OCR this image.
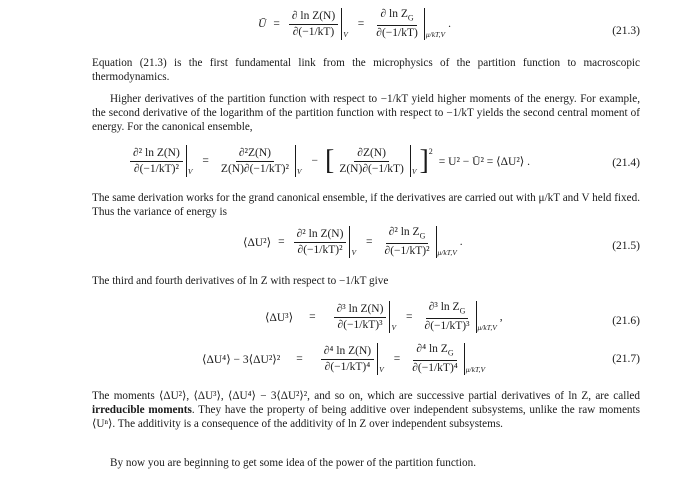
Ū = $\frac{\text{∂ ln Z(N)}}{\partial(-1/kT)}$ V
= $\frac{\partial \ln Z_G}{\partial(-1/kT)} \mu/kT,V$
.
(21.3)

Equation (21.3) is the first fundamental link from the microphysics of the partition function to macroscopic thermodynamics.

Higher derivatives of the partition function with respect to −1/kT yield higher moments of the energy. For example, the second derivative of the logarithm of the partition function with respect to −1/kT yields the second central moment of energy. For the canonical ensemble,

$\frac{\text{∂² ln Z(N)}}{\text{∂(−1/kT)²}}$ V
= $\frac{\text{∂²Z(N)}}{\text{Z(N)∂(−1/kT)²}}$ V
− [ $\frac{\partial Z(N)}{Z(N)\partial(-1/kT)}$ V ]$^2$
= U² − Ū² = ⟨ΔU²⟩ .	(21.4)

The same derivation works for the grand canonical ensemble, if the derivatives are carried out with μ/kT and V held fixed. Thus the variance of energy is

⟨ΔU²⟩ = $\frac{\text{∂² ln Z(N)}}{\text{∂(−1/kT)²}}$ V
= $\frac{\partial^2 \ln Z_G}{\text{∂(−1/kT)²}} \mu/kT,V$
.	(21.5)

The third and fourth derivatives of ln Z with respect to −1/kT give

⟨ΔU³⟩ = $\frac{\text{∂³ ln Z(N)}}{\text{∂(−1/kT)³}}$ V
= $\frac{\partial^3 \ln Z_G}{\text{∂(−1/kT)³}} \mu/kT,V$
,	(21.6)
⟨ΔU⁴⟩ − 3⟨ΔU²⟩² = $\frac{\text{∂⁴ ln Z(N)}}{\text{∂(−1/kT)⁴}}$ V
= $\frac{\partial^4 \ln Z_G}{\text{∂(−1/kT)⁴}} \mu/kT,V$
(21.7)

The moments ⟨ΔU²⟩, ⟨ΔU³⟩, ⟨ΔU⁴⟩ − 3⟨ΔU²⟩², and so on, which are successive partial derivatives of ln Z, are called irreducible moments. They have the property of being additive over independent subsystems, unlike the raw moments ⟨Uⁿ⟩. The additivity is a consequence of the additivity of ln Z over independent subsystems.

By now you are beginning to get some idea of the power of the partition function.
